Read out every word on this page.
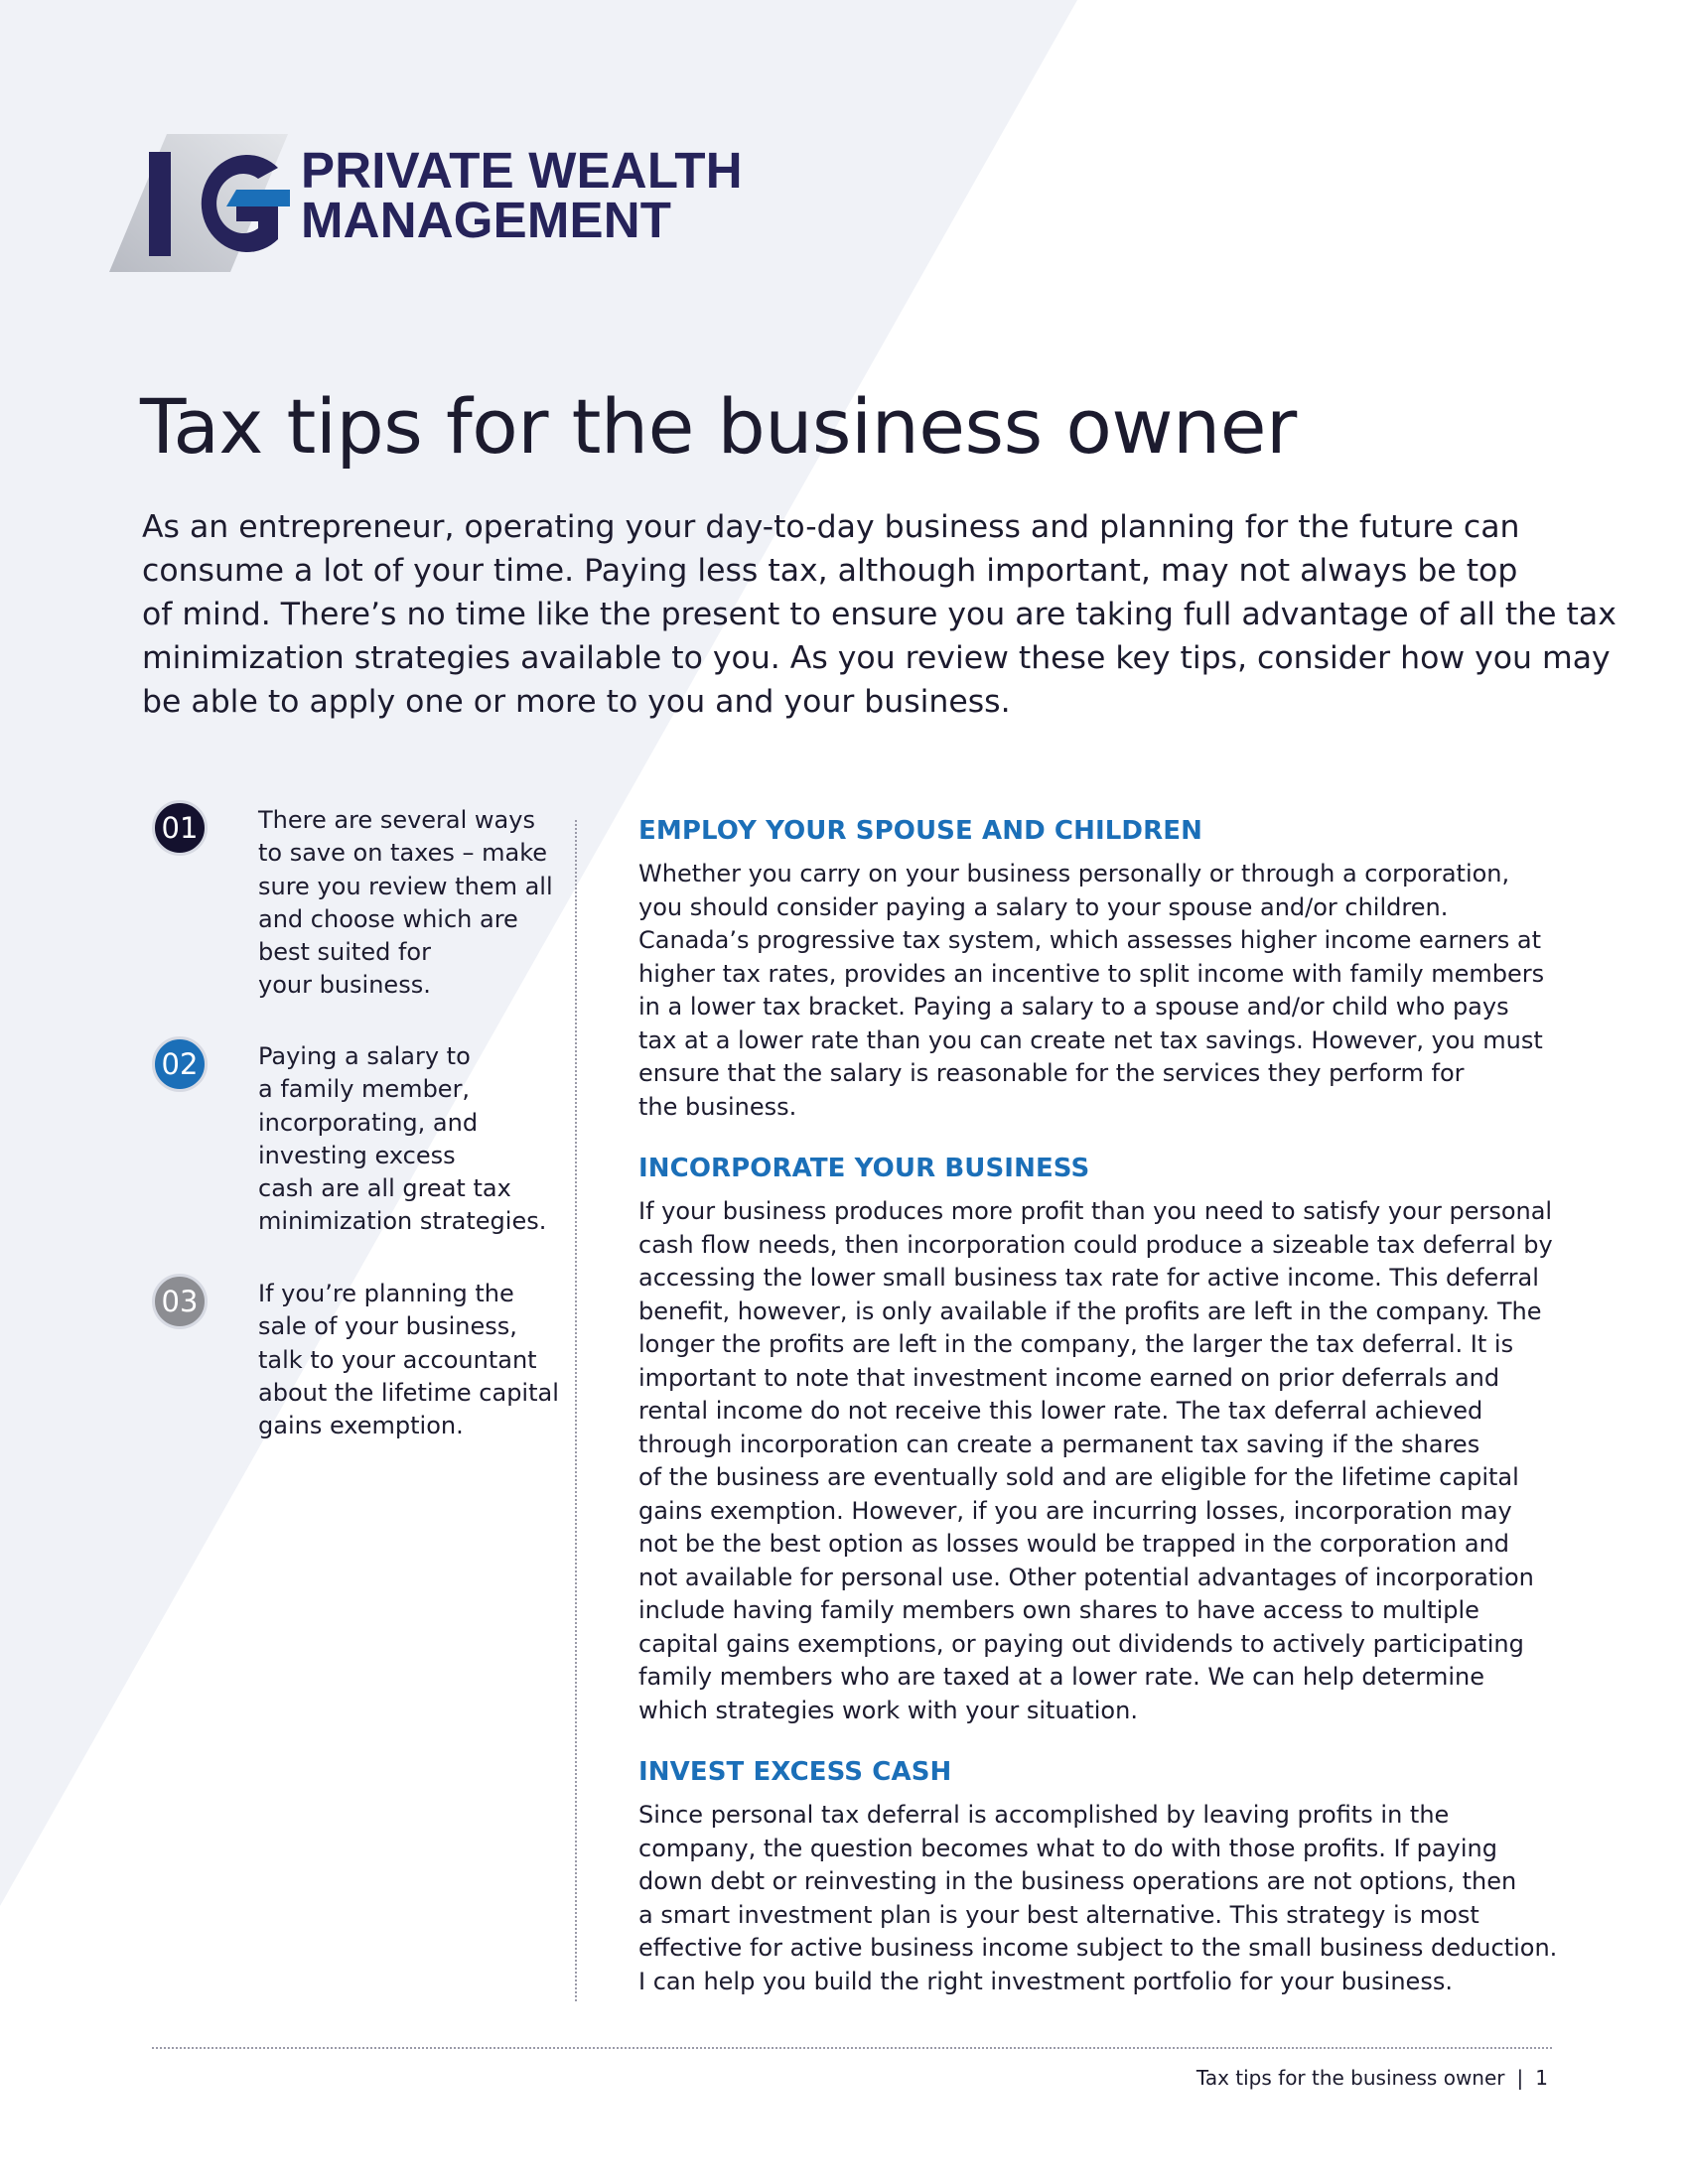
PRIVATE WEALTH
MANAGEMENT
Tax tips for the business owner
As an entrepreneur, operating your day-to-day business and planning for the future can
consume a lot of your time. Paying less tax, although important, may not always be top
of mind. There’s no time like the present to ensure you are taking full advantage of all the tax
minimization strategies available to you. As you review these key tips, consider how you may
be able to apply one or more to you and your business.
01	There are several ways
to save on taxes – make
sure you review them all
and choose which are
best suited for
your business.
02	Paying a salary to
a family member,
incorporating, and
investing excess
cash are all great tax
minimization strategies.
03	If you’re planning the
sale of your business,
talk to your accountant
about the lifetime capital
gains exemption.
EMPLOY YOUR SPOUSE AND CHILDREN
Whether you carry on your business personally or through a corporation,
you should consider paying a salary to your spouse and/or children.
Canada’s progressive tax system, which assesses higher income earners at
higher tax rates, provides an incentive to split income with family members
in a lower tax bracket. Paying a salary to a spouse and/or child who pays
tax at a lower rate than you can create net tax savings. However, you must
ensure that the salary is reasonable for the services they perform for
the business.
INCORPORATE YOUR BUSINESS
If your business produces more profit than you need to satisfy your personal
cash flow needs, then incorporation could produce a sizeable tax deferral by
accessing the lower small business tax rate for active income. This deferral
benefit, however, is only available if the profits are left in the company. The
longer the profits are left in the company, the larger the tax deferral. It is
important to note that investment income earned on prior deferrals and
rental income do not receive this lower rate. The tax deferral achieved
through incorporation can create a permanent tax saving if the shares
of the business are eventually sold and are eligible for the lifetime capital
gains exemption. However, if you are incurring losses, incorporation may
not be the best option as losses would be trapped in the corporation and
not available for personal use. Other potential advantages of incorporation
include having family members own shares to have access to multiple
capital gains exemptions, or paying out dividends to actively participating
family members who are taxed at a lower rate. We can help determine
which strategies work with your situation.
INVEST EXCESS CASH
Since personal tax deferral is accomplished by leaving profits in the
company, the question becomes what to do with those profits. If paying
down debt or reinvesting in the business operations are not options, then
a smart investment plan is your best alternative. This strategy is most
effective for active business income subject to the small business deduction.
I can help you build the right investment portfolio for your business.
Tax tips for the business owner | 1
